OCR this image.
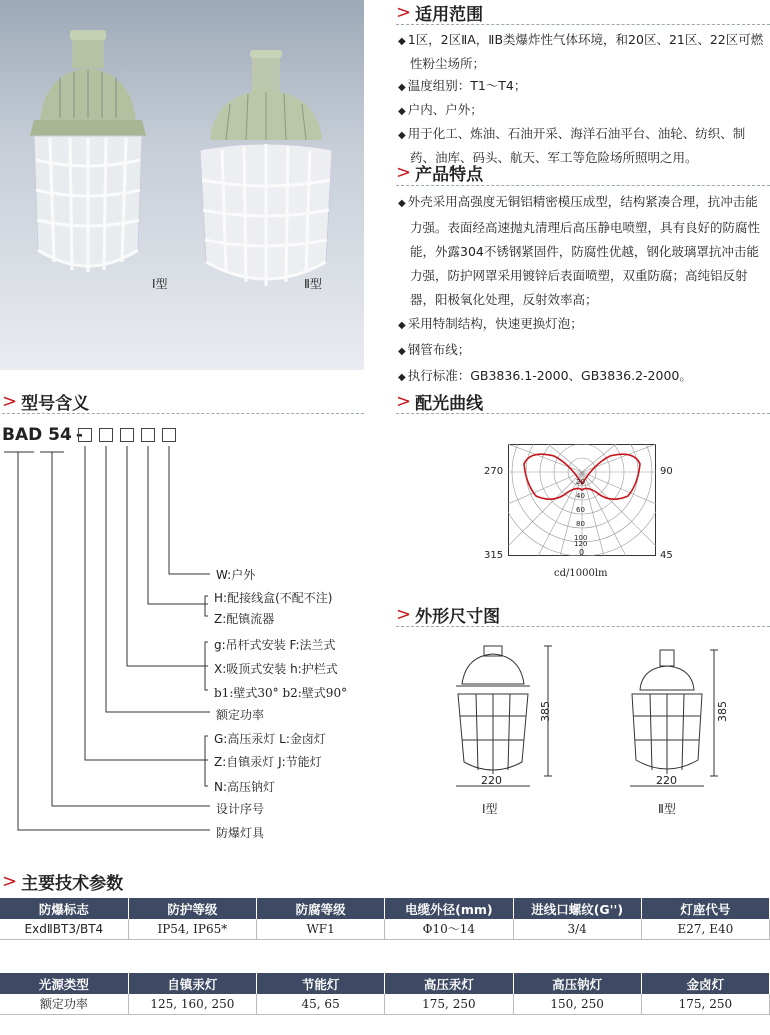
Ⅰ型	Ⅱ型
> 适用范围
◆ 1区，2区ⅡA，ⅡB类爆炸性气体环境，和20区、21区、22区可燃性粉尘场所；
◆ 温度组别：T1～T4；
◆ 户内、户外；
◆ 用于化工、炼油、石油开采、海洋石油平台、油轮、纺织、制药、油库、码头、航天、军工等危险场所照明之用。
> 产品特点
◆ 外壳采用高强度无铜铝精密模压成型，结构紧凑合理，抗冲击能力强。表面经高速抛丸清理后高压静电喷塑，具有良好的防腐性能，外露304不锈钢紧固件，防腐性优越，钢化玻璃罩抗冲击能力强，防护网罩采用镀锌后表面喷塑，双重防腐；高纯铝反射器，阳极氧化处理，反射效率高；
◆ 采用特制结构，快速更换灯泡；
◆ 钢管布线；
◆ 执行标准：GB3836.1-2000、GB3836.2-2000。
> 型号含义
BAD 54 -
W:户外
H:配接线盒(不配不注)
Z:配镇流器
g:吊杆式安装 F:法兰式
X:吸顶式安装 h:护栏式
b1:壁式30° b2:壁式90°
额定功率
G:高压汞灯 L:金卤灯
Z:自镇汞灯 J:节能灯
N:高压钠灯
设计序号
防爆灯具
> 配光曲线
270	90
315	45
0
20
40
60
80
100
120
cd/1000lm
> 外形尺寸图
385
220
Ⅰ型
385
220
Ⅱ型
> 主要技术参数
防爆标志	防护等级	防腐等级	电缆外径(mm)	进线口螺纹(G'')	灯座代号
ExdⅡBT3/BT4	IP54, IP65*	WF1	Φ10～14	3/4	E27, E40
光源类型	自镇汞灯	节能灯	高压汞灯	高压钠灯	金卤灯
额定功率	125, 160, 250	45, 65	175, 250	150, 250	175, 250
